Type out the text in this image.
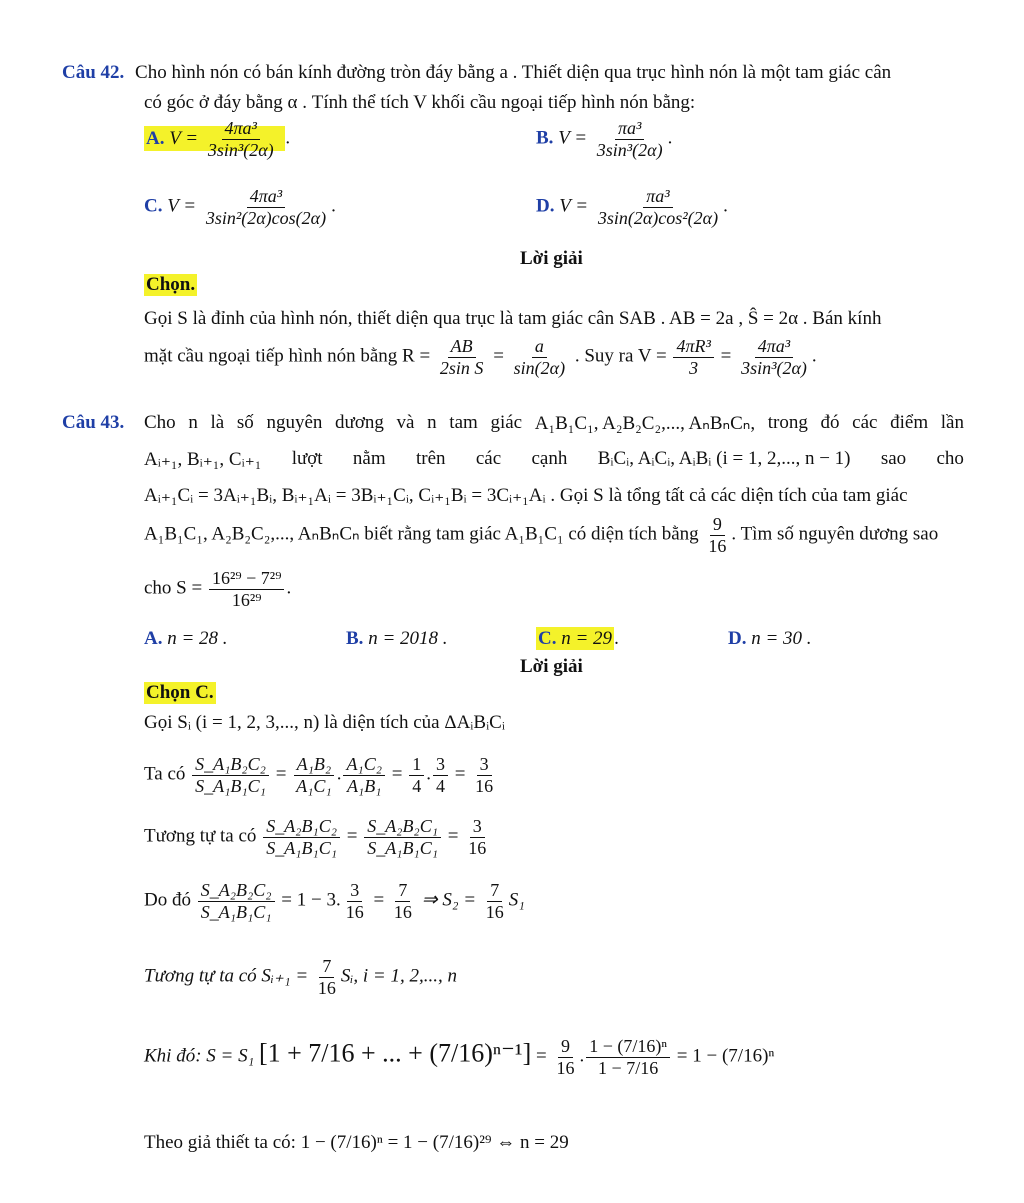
Câu 42. Cho hình nón có bán kính đường tròn đáy bằng a . Thiết diện qua trục hình nón là một tam giác cân
có góc ở đáy bằng α . Tính thể tích V khối cầu ngoại tiếp hình nón bằng:
A. $V = \frac{\text{4πa³}}{\text{3sin³(2α)}}$ .	B. $V = \frac{\text{πa³}}{\text{3sin³(2α)}}$ .
C. $V = \frac{\text{4πa³}}{\text{3sin²(2α)cos(2α)}}$ .	D. $V = \frac{\text{πa³}}{\text{3sin(2α)cos²(2α)}}$ .
Lời giải
Chọn.
Gọi S là đỉnh của hình nón, thiết diện qua trục là tam giác cân SAB . AB = 2a , Ŝ = 2α . Bán kính
mặt cầu ngoại tiếp hình nón bằng $R = \frac{AB}{\text{2sin S}} = \frac{a}{\sin(2\alpha)}$ . Suy ra $V = \frac{\text{4πR³}}{3} = \frac{\text{4πa³}}{\text{3sin³(2α)}}$ .
Câu 43. Cho n là số nguyên dương và n tam giác A₁B₁C₁, A₂B₂C₂,..., AₙBₙCₙ, trong đó các điểm lần
Aᵢ₊₁, Bᵢ₊₁, Cᵢ₊₁ lượt nằm trên các cạnh BᵢCᵢ, AᵢCᵢ, AᵢBᵢ (i = 1, 2,..., n − 1) sao cho
Aᵢ₊₁Cᵢ = 3Aᵢ₊₁Bᵢ, Bᵢ₊₁Aᵢ = 3Bᵢ₊₁Cᵢ, Cᵢ₊₁Bᵢ = 3Cᵢ₊₁Aᵢ . Gọi S là tổng tất cả các diện tích của tam giác
A₁B₁C₁, A₂B₂C₂,..., AₙBₙCₙ biết rằng tam giác A₁B₁C₁ có diện tích bằng $\frac{9}{16}$ . Tìm số nguyên dương sao
cho $S = \frac{\text{16²⁹ − 7²⁹}}{\text{16²⁹}}$ .
A. n = 28 .	B. n = 2018 .	C. n = 29 .	D. n = 30 .
Lời giải
Chọn C.
Gọi Sᵢ (i = 1, 2, 3,..., n) là diện tích của ΔAᵢBᵢCᵢ
Ta có $\frac{\text{S\_A₁B₂C₂}}{\text{S\_A₁B₁C₁}} = \frac{\text{A₁B₂}}{\text{A₁C₁}}$ . $\frac{\text{A₁C₂}}{\text{A₁B₁}} = \frac{1}{4}$ . $\frac{3}{4} = \frac{3}{16}$
Tương tự ta có $\frac{\text{S\_A₂B₁C₂}}{\text{S\_A₁B₁C₁}} = \frac{\text{S\_A₂B₂C₁}}{\text{S\_A₁B₁C₁}} = \frac{3}{16}$
Do đó $\frac{\text{S\_A₂B₂C₂}}{\text{S\_A₁B₁C₁}} = 1 - 3$. $\frac{3}{16} = \frac{7}{16}$ ⇒ $S_2 = \frac{7}{16} S_1$
Tương tự ta có Sᵢ₊₁ = $\frac{7}{16}$ Sᵢ, i = 1, 2,..., n
Khi đó: S = S₁ [1 + 7/16 + ... + $(7/16)^{n-1}] = \frac{9}{16}$ . $\frac{\text{1 − (7/16)ⁿ}}{1 - 7/16} = 1 - (7/16)^n$
Theo giả thiết ta có: 1 − (7/16)ⁿ = 1 − (7/16)²⁹ ⇔ n = 29
